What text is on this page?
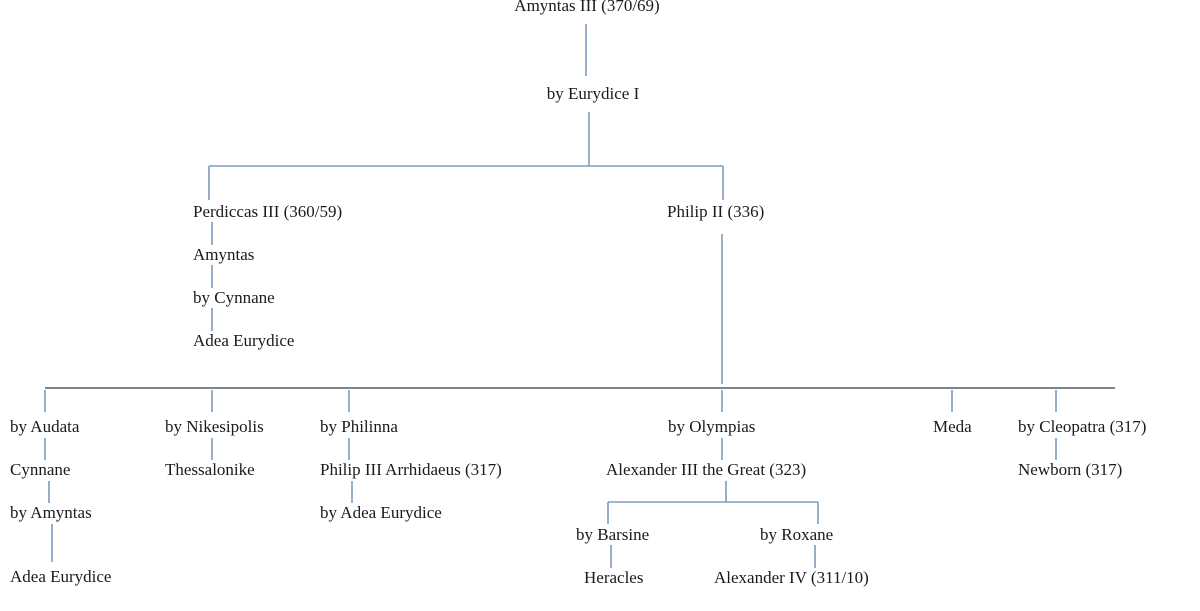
Amyntas III (370/69)
by Eurydice I
Perdiccas III (360/59)
Amyntas
by Cynnane
Adea Eurydice
Philip II (336)
by Audata
Cynnane
by Amyntas
Adea Eurydice
by Nikesipolis
Thessalonike
by Philinna
Philip III Arrhidaeus (317)
by Adea Eurydice
by Olympias
Alexander III the Great (323)
by Barsine
Heracles
by Roxane
Alexander IV (311/10)
Meda	by Cleopatra (317)
Newborn (317)
